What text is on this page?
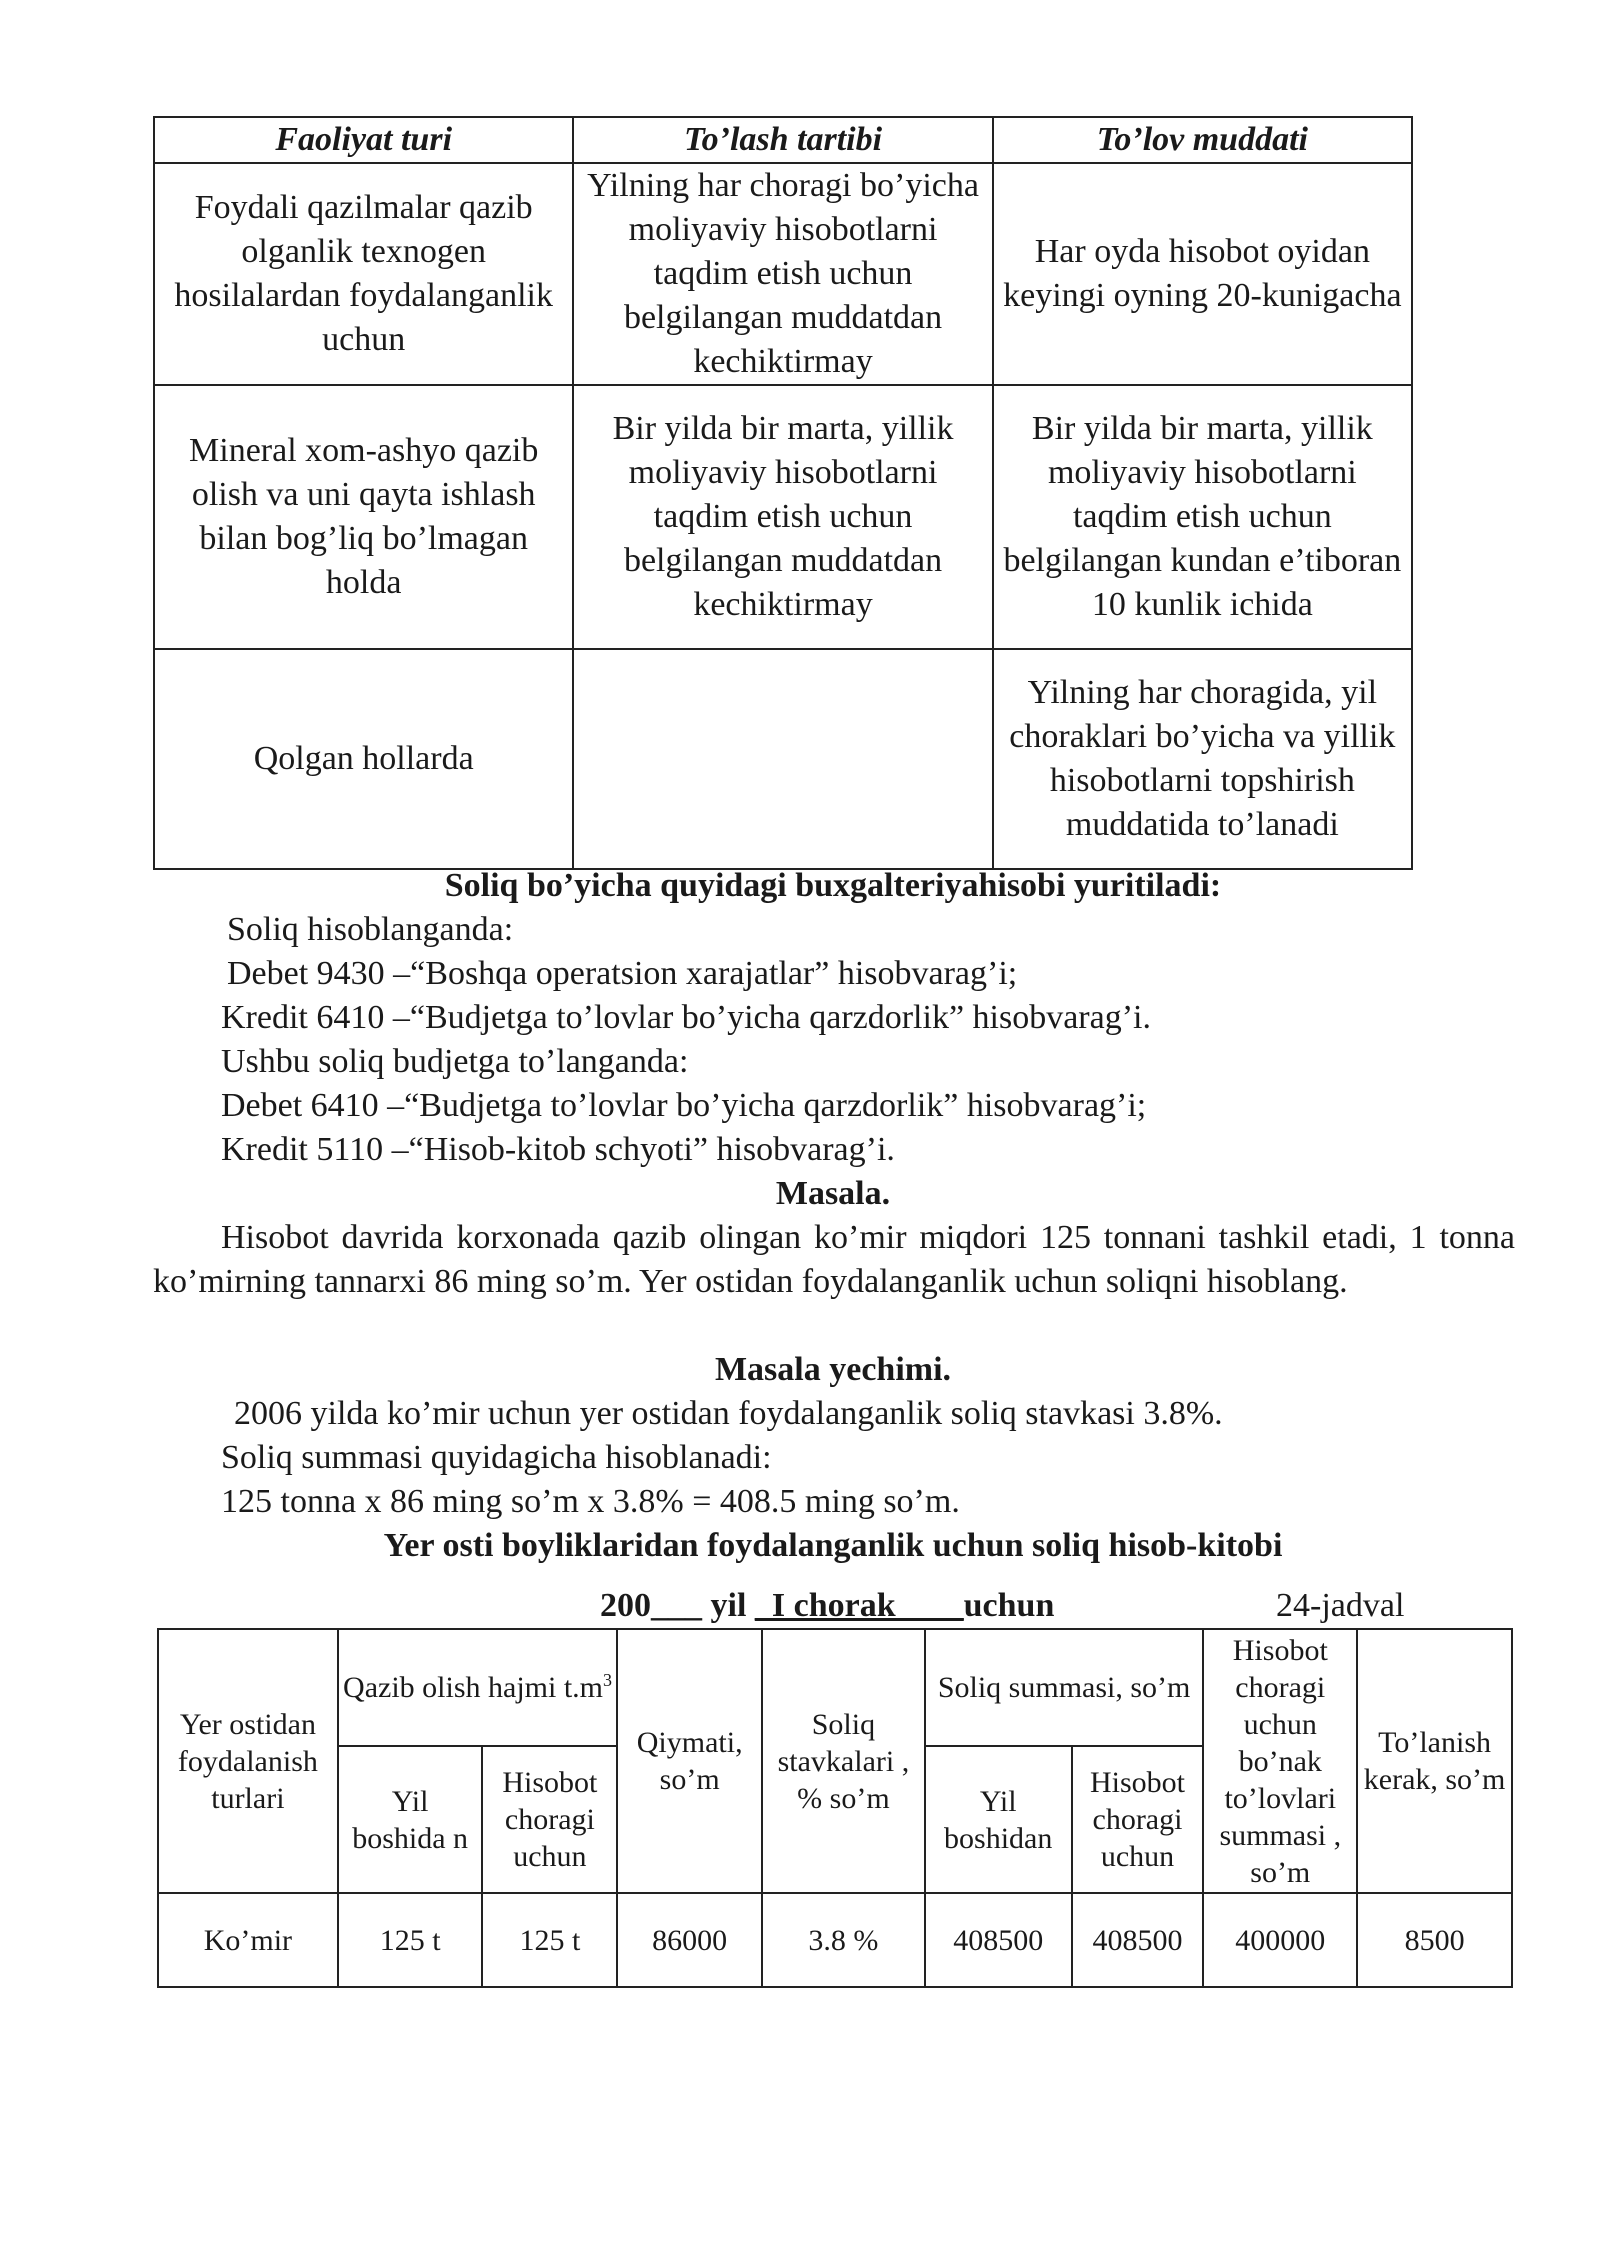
Faoliyat turi	To’lash tartibi	To’lov muddati
Foydali qazilmalar qazib olganlik texnogen hosilalardan foydalanganlik uchun	Yilning har choragi bo’yicha moliyaviy hisobotlarni taqdim etish uchun belgilangan muddatdan kechiktirmay	Har oyda hisobot oyidan keyingi oyning 20-kunigacha
Mineral xom-ashyo qazib olish va uni qayta ishlash bilan bog’liq bo’lmagan holda	Bir yilda bir marta, yillik moliyaviy hisobotlarni taqdim etish uchun belgilangan muddatdan kechiktirmay	Bir yilda bir marta, yillik moliyaviy hisobotlarni taqdim etish uchun belgilangan kundan e’tiboran 10 kunlik ichida
Qolgan hollarda		Yilning har choragida, yil choraklari bo’yicha va yillik hisobotlarni topshirish muddatida to’lanadi
Soliq bo’yicha quyidagi buxgalteriyahisobi yuritiladi:
Soliq hisoblanganda:
Debet 9430 –“Boshqa operatsion xarajatlar” hisobvarag’i;
Kredit 6410 –“Budjetga to’lovlar bo’yicha qarzdorlik” hisobvarag’i.
Ushbu soliq budjetga to’langanda:
Debet 6410 –“Budjetga to’lovlar bo’yicha qarzdorlik” hisobvarag’i;
Kredit 5110 –“Hisob-kitob schyoti” hisobvarag’i.
Masala.
Hisobot davrida korxonada qazib olingan ko’mir miqdori 125 tonnani tashkil etadi, 1 tonna ko’mirning tannarxi 86 ming so’m. Yer ostidan foydalanganlik uchun soliqni hisoblang.
Masala yechimi.
2006 yilda ko’mir uchun yer ostidan foydalanganlik soliq stavkasi 3.8%.
Soliq summasi quyidagicha hisoblanadi:
125 tonna x 86 ming so’m x 3.8% = 408.5 ming so’m.
Yer osti boyliklaridan foydalanganlik uchun soliq hisob-kitobi
200___ yil _I chorak____uchun	24-jadval
Yer ostidan foydalanish turlari	Qazib olish hajmi $t.m^3$		Qiymati, so’m	Soliq stavkalari , % so’m	Soliq summasi, so’m		Hisobot choragi uchun bo’nak to’lovlari summasi , so’m	To’lanish kerak, so’m
	Yil boshida n	Hisobot choragi uchun			Yil boshidan	Hisobot choragi uchun		
Ko’mir	125 t	125 t	86000	3.8 %	408500	408500	400000	8500
